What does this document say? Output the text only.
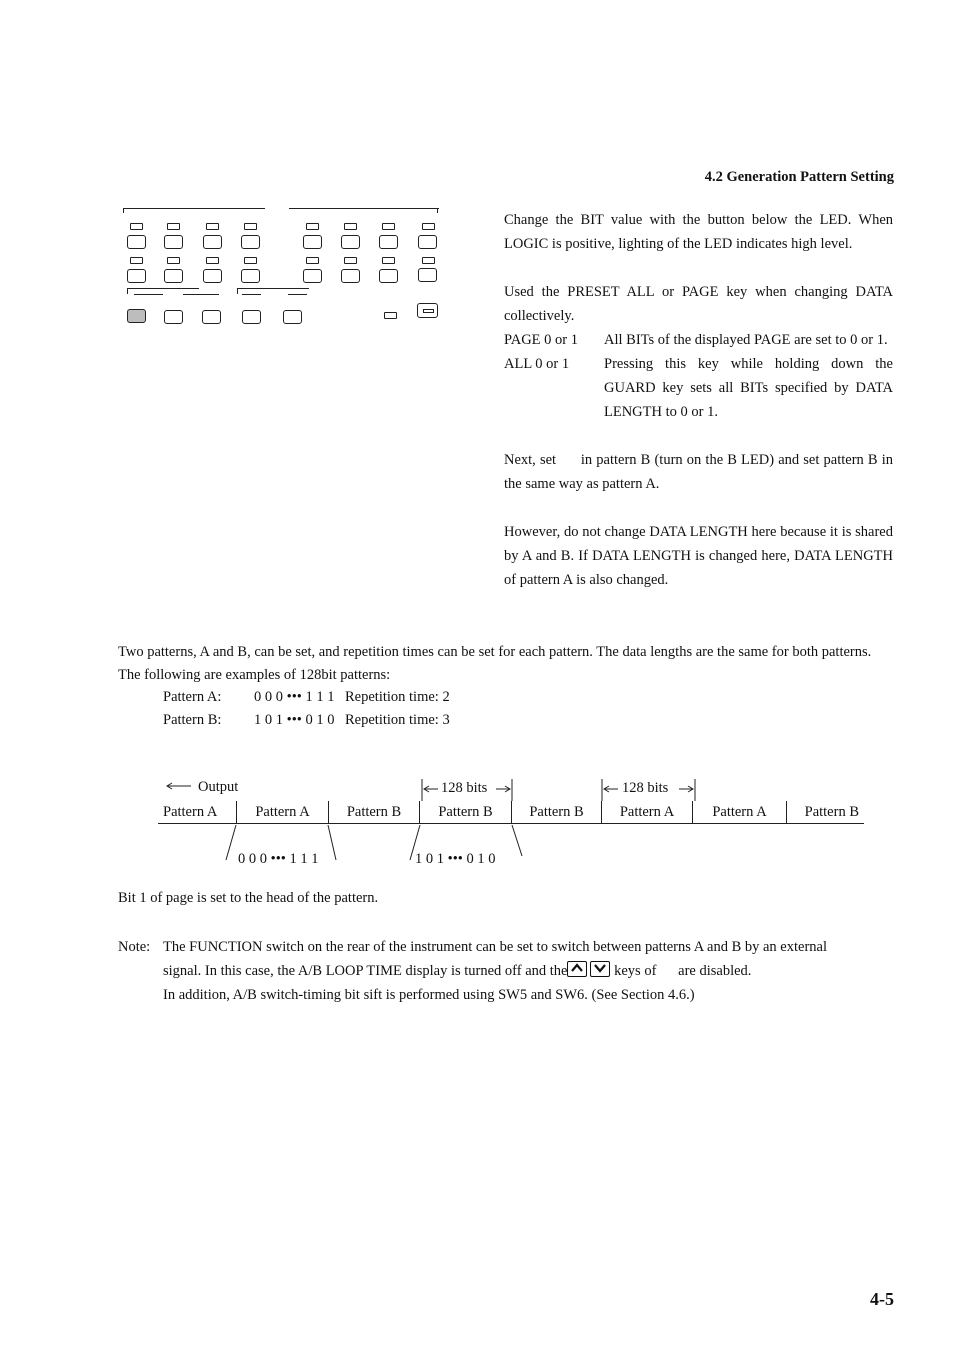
4.2 Generation Pattern Setting

Change the BIT value with the button below the LED. When LOGIC is positive, lighting of the LED indicates high level.

Used the PRESET ALL or PAGE key when changing DATA collectively.

PAGE 0 or 1	All BITs of the displayed PAGE are set to 0 or 1.
ALL 0 or 1	Pressing this key while holding down the GUARD key sets all BITs specified by DATA LENGTH to 0 or 1.

Next, set      in pattern B (turn on the B LED) and set pattern B in the same way as pattern A.

However, do not change DATA LENGTH here because it is shared by A and B. If DATA LENGTH is changed here, DATA LENGTH of pattern A is also changed.

Two patterns, A and B, can be set, and repetition times can be set for each pattern. The data lengths are the same for both patterns.

The following are examples of 128bit patterns:

Pattern A:	0 0 0 ••• 1 1 1 Repetition time: 2
Pattern B:	1 0 1 ••• 0 1 0 Repetition time: 3
Output	128 bits	128 bits
Pattern A	Pattern A	Pattern B	Pattern B	Pattern B	Pattern A	Pattern A	Pattern B
0 0 0 ••• 1 1 1	1 0 1 ••• 0 1 0
Bit 1 of page is set to the head of the pattern.
Note: The FUNCTION switch on the rear of the instrument can be set to switch between patterns A and B by an external
signal. In this case, the A/B LOOP TIME display is turned off and the	keys of      are disabled.
In addition, A/B switch-timing bit sift is performed using SW5 and SW6. (See Section 4.6.)
4-5
